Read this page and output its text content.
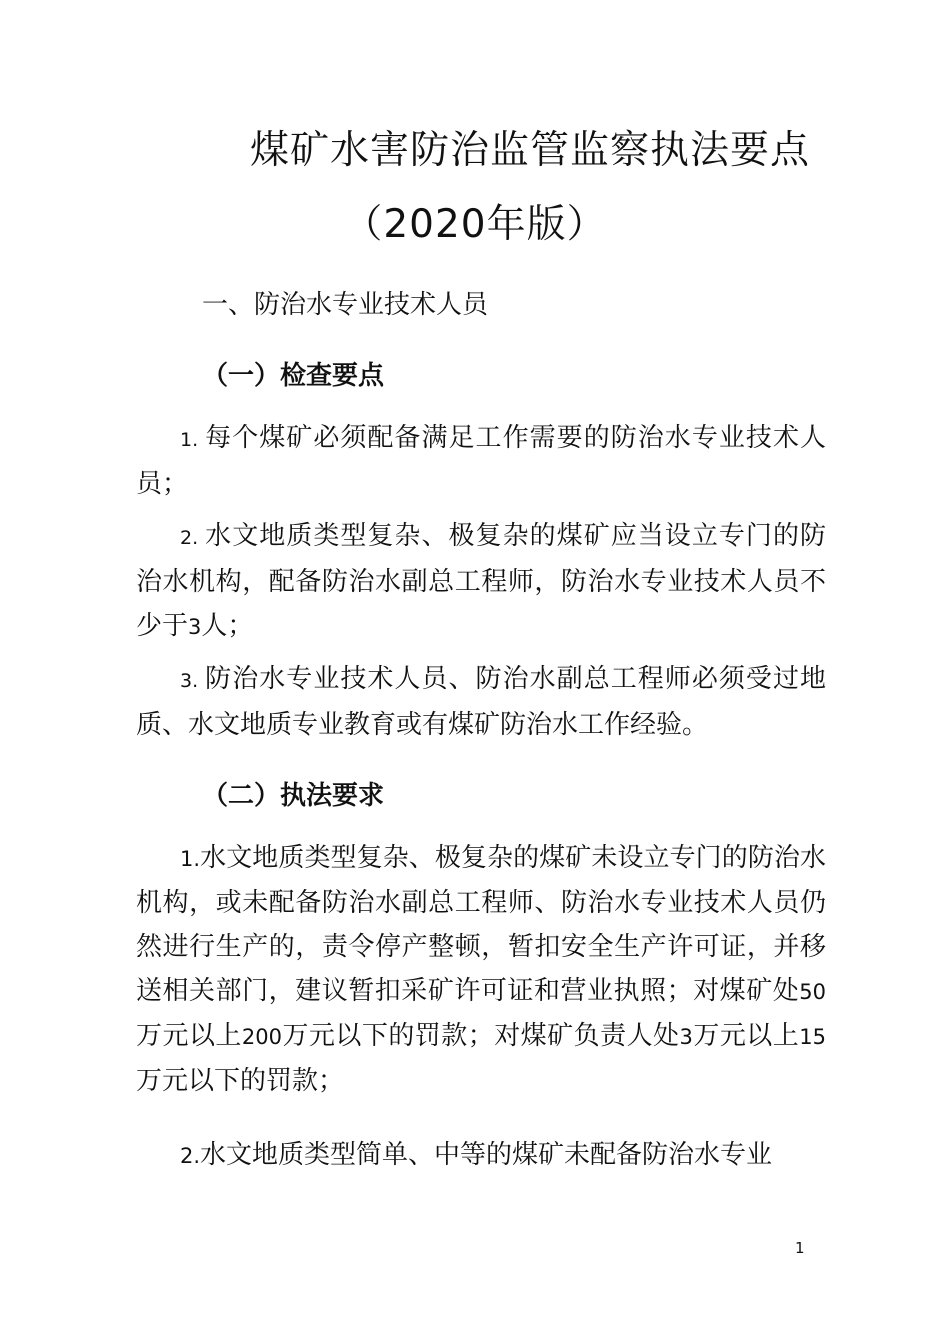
煤矿水害防治监管监察执法要点
（2020年版）
一、防治水专业技术人员
（一）检查要点
1. 每个煤矿必须配备满足工作需要的防治水专业技术人员；
2. 水文地质类型复杂、极复杂的煤矿应当设立专门的防治水机构，配备防治水副总工程师，防治水专业技术人员不少于3人；
3. 防治水专业技术人员、防治水副总工程师必须受过地质、水文地质专业教育或有煤矿防治水工作经验。
（二）执法要求
1.水文地质类型复杂、极复杂的煤矿未设立专门的防治水机构，或未配备防治水副总工程师、防治水专业技术人员仍然进行生产的，责令停产整顿，暂扣安全生产许可证，并移送相关部门，建议暂扣采矿许可证和营业执照；对煤矿处50万元以上200万元以下的罚款；对煤矿负责人处3万元以上15万元以下的罚款；
2.水文地质类型简单、中等的煤矿未配备防治水专业
1
